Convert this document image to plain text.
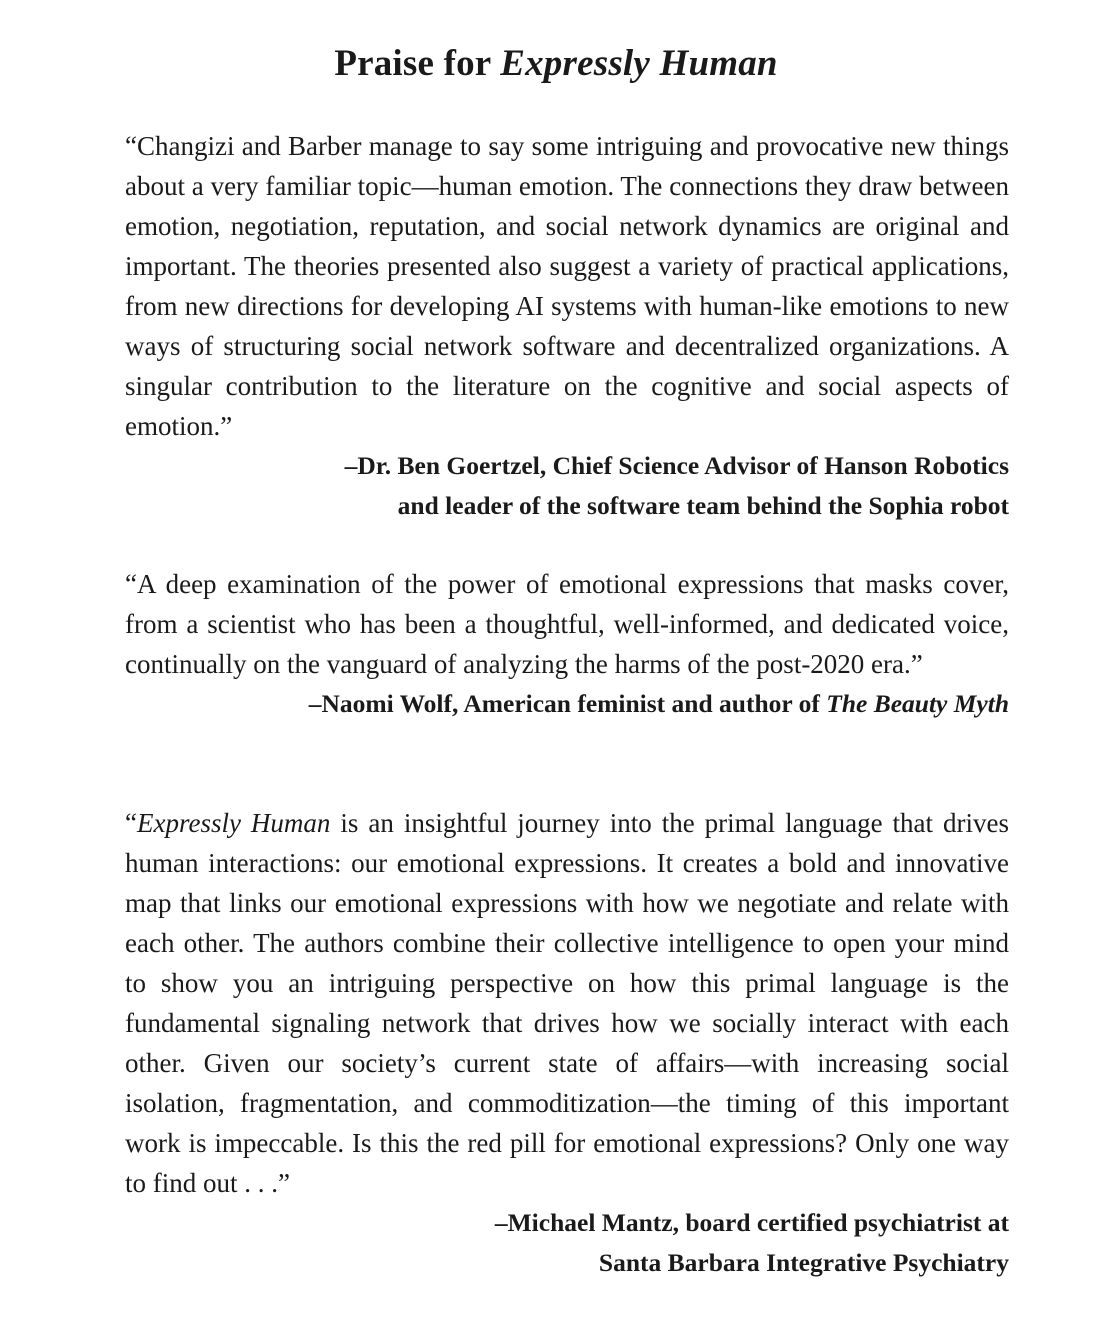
Praise for Expressly Human

“Changizi and Barber manage to say some intriguing and provocative new things about a very familiar topic—human emotion. The connections they draw between emotion, negotiation, reputation, and social network dynamics are original and important. The theories presented also suggest a variety of practical applications, from new directions for developing AI systems with human-like emotions to new ways of structuring social network software and decentralized organizations. A singular contribution to the literature on the cognitive and social aspects of emotion.”

–Dr. Ben Goertzel, Chief Science Advisor of Hanson Robotics
and leader of the software team behind the Sophia robot

“A deep examination of the power of emotional expressions that masks cover, from a scientist who has been a thoughtful, well-informed, and dedicated voice, continually on the vanguard of analyzing the harms of the post-2020 era.”

–Naomi Wolf, American feminist and author of The Beauty Myth

“Expressly Human is an insightful journey into the primal language that drives human interactions: our emotional expressions. It creates a bold and innovative map that links our emotional expressions with how we negotiate and relate with each other. The authors combine their collective intelligence to open your mind to show you an intriguing perspective on how this primal language is the fundamental signaling network that drives how we socially interact with each other. Given our society’s current state of affairs—with increasing social isolation, fragmentation, and commoditization—the timing of this important work is impeccable. Is this the red pill for emotional expressions? Only one way to find out . . .”

–Michael Mantz, board certified psychiatrist at
Santa Barbara Integrative Psychiatry
